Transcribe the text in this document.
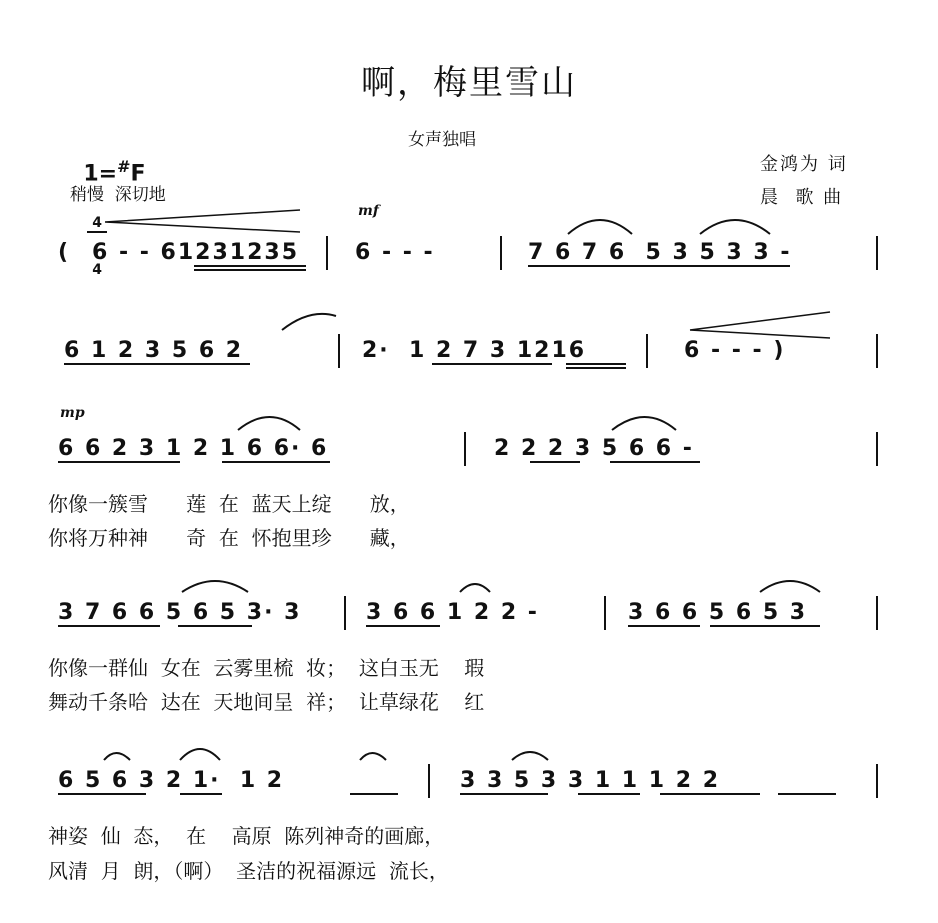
啊，梅里雪山

1=#F

$\frac{4}{4}$

女声独唱
金鸿为 词
晨  歌 曲
稍慢  深切地
mf
mp
( 6 - - 61231235	6 - - -	7 6 7 6  5 3 5 3 3 -
6 1 2 3 5 6 2	2·  1 2 7 3 1216	6 - - - )
6 6 2 3 1 2 1 6 6· 6	2 2 2 3 5 6 6 -
你像一簇雪      莲  在  蓝天上绽      放，
你将万种神      奇  在  怀抱里珍      藏，
3 7 6 6 5 6 5 3· 3	3 6 6 1 2 2 -	3 6 6 5 6 5 3
你像一群仙  女在  云雾里梳  妆；  这白玉无    瑕
舞动千条哈  达在  天地间呈  祥；  让草绿花    红
6 5 6 3 2 1·  1 2	3 3 5 3 3 1 1 1 2 2
神姿  仙  态，  在    高原  陈列神奇的画廊，
风清  月  朗，（啊）  圣洁的祝福源远  流长，
